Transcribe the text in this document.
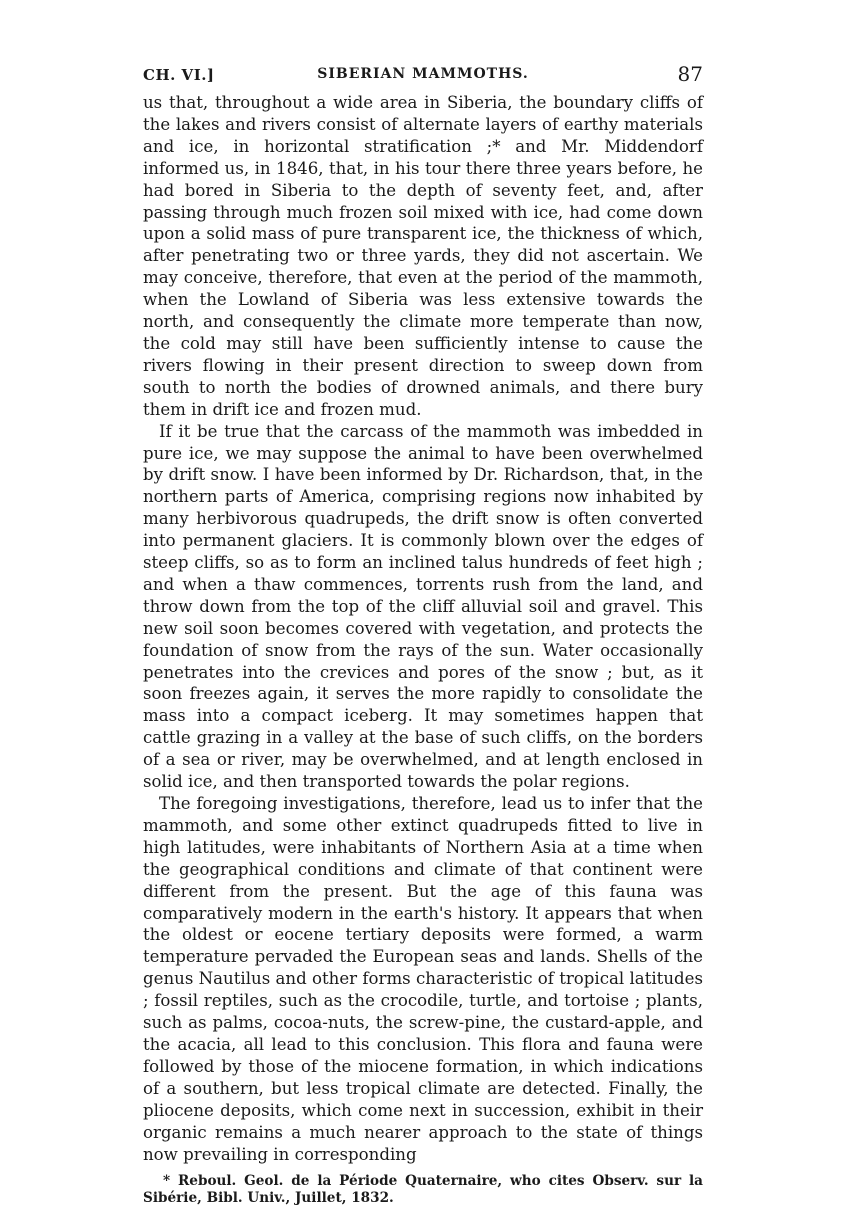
CH. VI.]	SIBERIAN MAMMOTHS.	87

us that, throughout a wide area in Siberia, the boundary cliffs of the lakes and rivers consist of alternate layers of earthy materials and ice, in horizontal stratification ;* and Mr. Middendorf informed us, in 1846, that, in his tour there three years before, he had bored in Siberia to the depth of seventy feet, and, after passing through much frozen soil mixed with ice, had come down upon a solid mass of pure transparent ice, the thickness of which, after penetrating two or three yards, they did not ascertain. We may conceive, therefore, that even at the period of the mammoth, when the Lowland of Siberia was less extensive towards the north, and consequently the climate more temperate than now, the cold may still have been sufficiently intense to cause the rivers flowing in their present direction to sweep down from south to north the bodies of drowned animals, and there bury them in drift ice and frozen mud.

If it be true that the carcass of the mammoth was imbedded in pure ice, we may suppose the animal to have been overwhelmed by drift snow. I have been informed by Dr. Richardson, that, in the northern parts of America, comprising regions now inhabited by many herbivorous quadrupeds, the drift snow is often converted into permanent glaciers. It is commonly blown over the edges of steep cliffs, so as to form an inclined talus hundreds of feet high ; and when a thaw commences, torrents rush from the land, and throw down from the top of the cliff alluvial soil and gravel. This new soil soon becomes covered with vegetation, and protects the foundation of snow from the rays of the sun. Water occasionally penetrates into the crevices and pores of the snow ; but, as it soon freezes again, it serves the more rapidly to consolidate the mass into a compact iceberg. It may sometimes happen that cattle grazing in a valley at the base of such cliffs, on the borders of a sea or river, may be overwhelmed, and at length enclosed in solid ice, and then transported towards the polar regions.

The foregoing investigations, therefore, lead us to infer that the mammoth, and some other extinct quadrupeds fitted to live in high latitudes, were inhabitants of Northern Asia at a time when the geographical conditions and climate of that continent were different from the present. But the age of this fauna was comparatively modern in the earth's history. It appears that when the oldest or eocene tertiary deposits were formed, a warm temperature pervaded the European seas and lands. Shells of the genus Nautilus and other forms characteristic of tropical latitudes ; fossil reptiles, such as the crocodile, turtle, and tortoise ; plants, such as palms, cocoa-nuts, the screw-pine, the custard-apple, and the acacia, all lead to this conclusion. This flora and fauna were followed by those of the miocene formation, in which indications of a southern, but less tropical climate are detected. Finally, the pliocene deposits, which come next in succession, exhibit in their organic remains a much nearer approach to the state of things now prevailing in corresponding

* Reboul. Geol. de la Période Quaternaire, who cites Observ. sur la Sibérie, Bibl. Univ., Juillet, 1832.
